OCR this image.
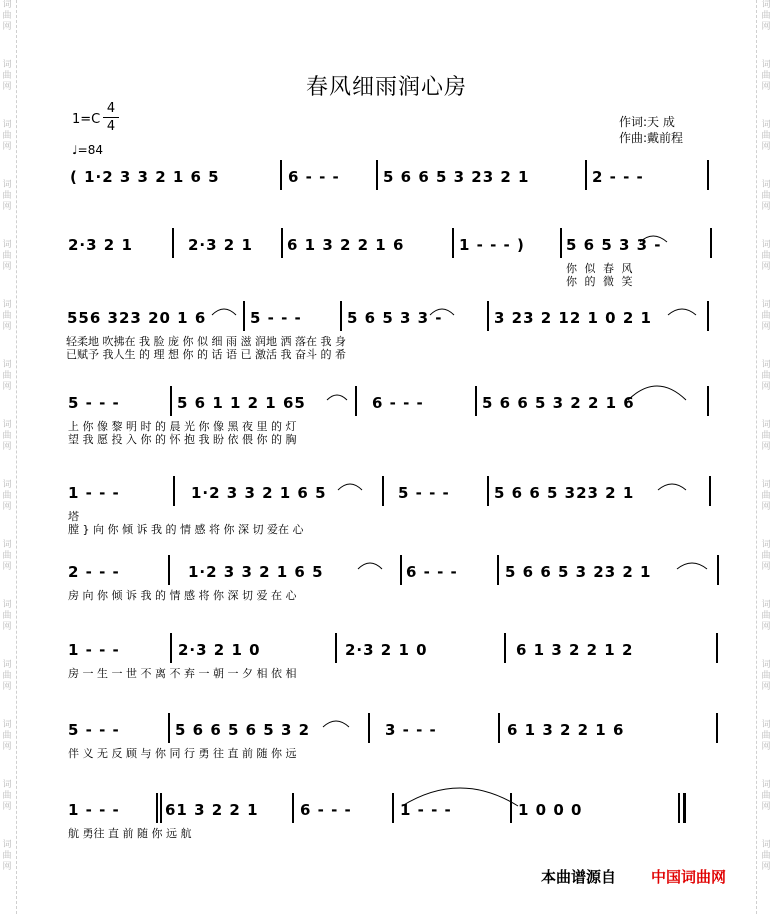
词
曲
网
词
曲
网
词
曲
网
词
曲
网
词
曲
网
词
曲
网
词
曲
网
词
曲
网
词
曲
网
词
曲
网
词
曲
网
词
曲
网
词
曲
网
词
曲
网
词
曲
网
词
曲
网
词
曲
网
词
曲
网
词
曲
网
词
曲
网
词
曲
网
词
曲
网
词
曲
网
词
曲
网
词
曲
网
词
曲
网
词
曲
网
词
曲
网
词
曲
网
词
曲
网
春风细雨润心房
1=C
4
4
♩=84
作词:天 成
作曲:戴前程
( 1·2 3 3 2 1 6 5	6 - - -	5 6 6 5 3 23 2 1	2 - - -
2·3 2 1	2·3 2 1 6 1 3 2 2 1 6	1 - - - )	5 6 5 3 3 -
你 似 春 风
你 的 微 笑
556 323 20 1 6	5 - - -	5 6 5 3 3 -	3 23 2 12 1 0 2 1
轻柔地 吹拂在 我 脸 庞 你 似 细 雨 滋 润地 洒 落在 我 身
已赋予 我人生 的 理 想 你 的 话 语 已 激活 我 奋斗 的 希
5 - - -	5 6 1 1 2 1 65	6 - - -	5 6 6 5 3 2 2 1 6
上 你 像 黎 明 时 的 晨 光 你 像 黑 夜 里 的 灯
望 我 愿 投 入 你 的 怀 抱 我 盼 依 偎 你 的 胸
1 - - -	1·2 3 3 2 1 6 5	5 - - -	5 6 6 5 323 2 1
塔
膛 } 向 你 倾 诉 我 的 情 感 将 你 深 切 爱在 心
2 - - -	1·2 3 3 2 1 6 5	6 - - -	5 6 6 5 3 23 2 1
房 向 你 倾 诉 我 的 情 感 将 你 深 切 爱 在 心
1 - - -	2·3 2 1 0	2·3 2 1 0	6 1 3 2 2 1 2
房 一 生 一 世 不 离 不 弃 一 朝 一 夕 相 依 相
5 - - -	5 6 6 5 6 5 3 2	3 - - -	6 1 3 2 2 1 6
伴 义 无 反 顾 与 你 同 行 勇 往 直 前 随 你 远
1 - - -	61 3 2 2 1	6 - - -	1 - - -	1 0 0 0
航 勇往 直 前 随 你 远 航
本曲谱源自 中国词曲网
